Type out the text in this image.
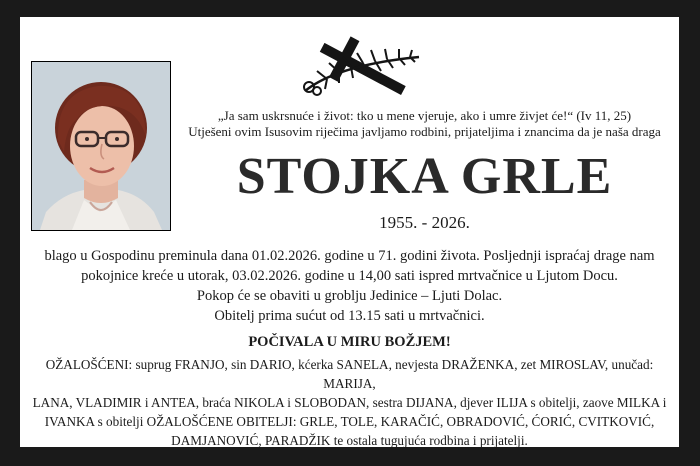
„Ja sam uskrsnuće i život: tko u mene vjeruje, ako i umre živjet će!“ (Iv 11, 25)

Utješeni ovim Isusovim riječima javljamo rodbini, prijateljima i znancima da je naša draga

STOJKA GRLE
1955. - 2026.

blago u Gospodinu preminula dana 01.02.2026. godine u 71. godini života. Posljednji ispraćaj drage nam

pokojnice kreće u utorak, 03.02.2026. godine u 14,00 sati ispred mrtvačnice u Ljutom Docu.

Pokop će se obaviti u groblju Jedinice – Ljuti Dolac.

Obitelj prima sućut od 13.15 sati u mrtvačnici.

POČIVALA U MIRU BOŽJEM!

OŽALOŠĆENI: suprug FRANJO, sin DARIO, kćerka SANELA, nevjesta DRAŽENKA, zet MIROSLAV, unučad: MARIJA,

LANA, VLADIMIR i ANTEA, braća NIKOLA i SLOBODAN, sestra DIJANA, djever ILIJA s obitelji, zaove MILKA i

IVANKA s obitelji OŽALOŠĆENE OBITELJI: GRLE, TOLE, KARAČIĆ, OBRADOVIĆ, ĆORIĆ, CVITKOVIĆ,

DAMJANOVIĆ, PARADŽIK te ostala tugujuća rodbina i prijatelji.
